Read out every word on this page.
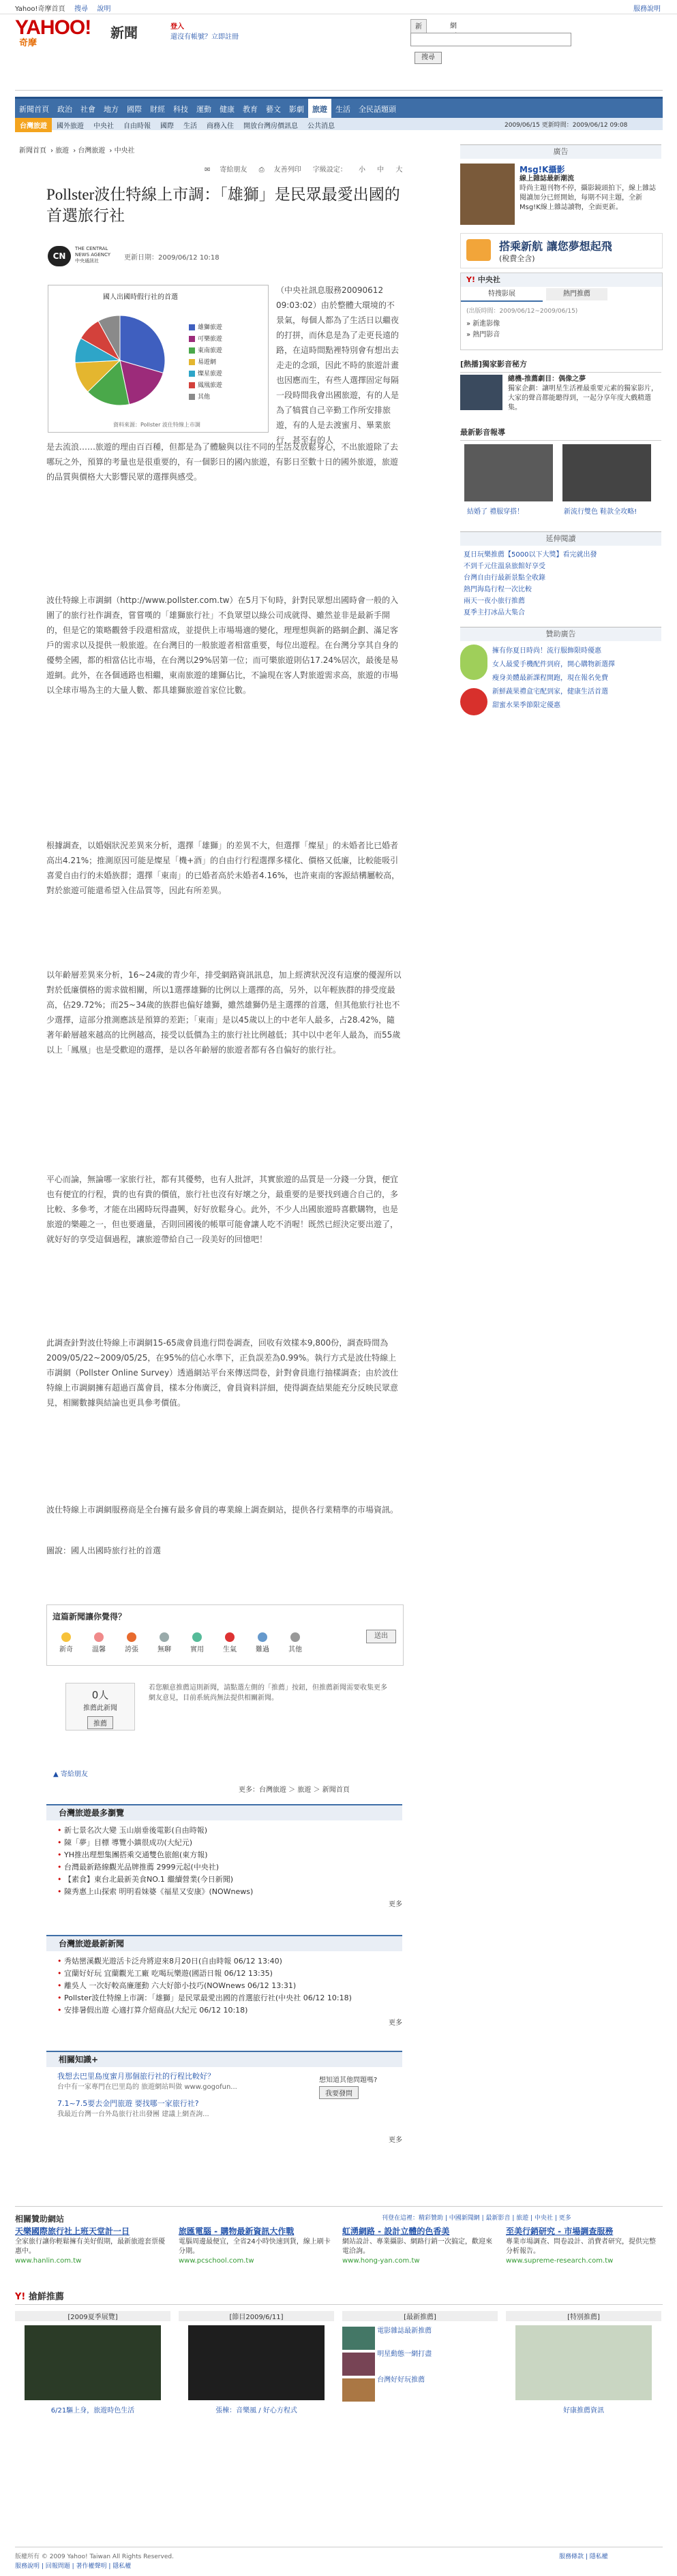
Yahoo!奇摩首頁 搜尋 說明	服務說明
YAHOO!
奇摩
新聞	登入
還沒有帳號？立即註冊
新	網
搜尋
新聞首頁 政治 社會 地方 國際 財經 科技 運動 健康 教育 藝文 影劇 旅遊 生活 全民話題頭
台灣旅遊 國外旅遊 中央社 自由時報 國際 生活 商務入住 開放台灣房價訊息 公共消息	2009/06/15 更新時間：2009/06/12 09:08
新聞首頁 › 旅遊 › 台灣旅遊 › 中央社
✉ 寄給朋友 ⎙ 友善列印 字級設定： 小 中 大
Pollster波仕特線上市調：「雄獅」是民眾最愛出國的首選旅行社
CN
THE CENTRAL NEWS AGENCY 中央通訊社	更新日期：2009/06/12 10:18
國人出國時假行社的首選
雄獅旅遊
可樂旅遊
東南旅遊
易遊網
燦星旅遊
鳳凰旅遊
其他
資料來源：Pollster 波仕特線上市調
（中央社訊息服務20090612 09:03:02）由於整體大環境的不景氣，每個人都為了生活日以繼夜的打拼，而休息是為了走更長遠的路，在這時間點裡特別會有想出去走走的念頭，因此不時的旅遊計畫也因應而生，有些人選擇固定每隔一段時間我會出國旅遊，有的人是為了犒賞自己辛勤工作所安排旅遊，有的人是去渡蜜月、畢業旅行，甚至有的人
是去流浪……旅遊的理由百百種，但都是為了體驗與以往不同的生活及放鬆身心，不出旅遊除了去哪玩之外，預算的考量也是很重要的，有一個影日的國內旅遊，有影日至數十日的國外旅遊，旅遊的品質與價格大大影響民眾的選擇與感受。
波仕特線上市調網（http://www.pollster.com.tw）在5月下旬時，針對民眾想出國時會一般的入圍了的旅行社作調查，嘗嘗嘆的「雄獅旅行社」不負眾望以綠公司成就得、雖然並非是最新手開的，但是它的策略觀營手段還相當成，並提供上市場場適的變化，理理想與新的路網企劃、滿足客戶的需求以及提供一般旅遊。在台灣目的一般旅遊者相當重要，每位出遊程。在台灣分享其自身的優勢全國，都的相當佔比市場，在台灣以29%居第一位；而可樂旅遊則佔17.24%居次，最後是易遊網。此外，在各個通路也相繼，東南旅遊的雄獅佔比，不論現在客人對旅遊需求高，旅遊的市場以全球市場為主的大量人數、都具雄獅旅遊首家位比數。
根據調查，以婚姻狀況差異來分析，選擇「雄獅」的差異不大，但選擇「燦星」的未婚者比已婚者高出4.21%；推測原因可能是燦星「機+酒」的自由行行程選擇多樣化、價格又低廉，比較能吸引喜愛自由行的未婚族群；選擇「東南」的已婚者高於未婚者4.16%，也許東南的客源結構屬較高，對於旅遊可能還希望入住品質等，因此有所差異。
以年齡層差異來分析，16~24歲的青少年，排受網路資訊訊息，加上經濟狀況沒有這麼的優渥所以對於低廉價格的需求做相關，所以1選擇雄獅的比例以上選擇的高，另外，以年輕族群的排受度最高，佔29.72%；而25~34歲的族群也偏好雄獅，雖然雄獅仍是主選擇的首選，但其他旅行社也不少選擇，這部分推測應該是預算的差距；「東南」是以45歲以上的中老年人最多，占28.42%，隨著年齡層越來越高的比例越高，接受以低價為主的旅行社比例越低；其中以中老年人最為，而55歲以上「鳳凰」也是受歡迎的選擇，是以各年齡層的旅遊者都有各自偏好的旅行社。
平心而論，無論哪一家旅行社，都有其優勢，也有人批評，其實旅遊的品質是一分錢一分貨，便宜也有便宜的行程，貴的也有貴的價值，旅行社也沒有好壞之分，最重要的是要找到適合自己的，多比較、多參考，才能在出國時玩得盡興，好好放鬆身心。此外，不少人出國旅遊時喜歡購物，也是旅遊的樂趣之一，但也要適量，否則回國後的帳單可能會讓人吃不消喔！既然已經決定要出遊了，就好好的享受這個過程，讓旅遊帶給自己一段美好的回憶吧！
此調查針對波仕特線上市調網15-65歲會員進行問卷調查，回收有效樣本9,800份，調查時間為2009/05/22~2009/05/25，在95%的信心水準下，正負誤差為0.99%。執行方式是波仕特線上市調網（Pollster Online Survey）透過網站平台來傳送問卷，針對會員進行抽樣調查；由於波仕特線上市調網擁有超過百萬會員，樣本分佈廣泛，會員資料詳細，使得調查結果能充分反映民眾意見，相關數據與結論也更具參考價值。
波仕特線上市調網服務商是全台擁有最多會員的專業線上調查網站，提供各行業精準的市場資訊。
圖說：國人出國時旅行社的首選
這篇新聞讓你覺得？
送出
新奇	溫馨	誇張	無聊	實用	生氣	難過	其他
0人
推薦此新聞
推薦
若您願意推薦這則新聞，請點選左側的「推薦」按鈕，但推薦新聞需要收集更多網友意見，目前系統尚無法提供相關新聞。
▲ 寄給朋友
更多：台灣旅遊 ＞ 旅遊 ＞ 新聞首頁
台灣旅遊最多瀏覽
• 新七景名次大變 玉山崩垂後電影(自由時報)
• 陳「夢」目標 導覽小鎮很成功(大紀元)
• YH推出理想集團搭乘交通雙色旅館(東方報)
• 台灣最新路線觀光品牌推薦 2999元起(中央社)
• 【素食】東台北最新美食NO.1 繼續營業(今日新聞)
• 陳秀惠上山探索 明明看妹婆《福星又安康》(NOWnews)
更多
台灣旅遊最新新聞
• 秀姑巒溪觀光遊活卡泛舟將迎來8月20日(自由時報 06/12 13:40)
• 宜蘭好好玩 宜蘭觀光工廠 吃喝玩樂遊(國語日報 06/12 13:35)
• 離吳人 一次好較高廉運動 六大好節小技巧(NOWnews 06/12 13:31)
• Pollster波仕特線上市調：「雄獅」是民眾最愛出國的首選旅行社(中央社 06/12 10:18)
• 安排暑假出遊 心適打算介紹商品(大紀元 06/12 10:18)
更多
相關知識+
我想去巴里島度蜜月那個旅行社的行程比較好？
台中有一家專門在巴里島的 旅遊網站叫做 www.gogofun...
7.1~7.5要去金門旅遊 要找哪一家旅行社?
我最近台灣一台外島旅行社出發團 建議上網查詢...
想知道其他問題嗎?
我要發問
更多
廣告
Msg!K攝影
線上雜誌最新潮流
時尚主題刊物不停，攝影鏡頭拍下，線上雜誌閱讀加分已經開始，每期不同主題，全新Msg!K線上雜誌讀物，全面更新。
搭乘新航 讓您夢想起飛
(稅費全含)
Y! 中央社
特搜影展	熱門推薦
(出版時間：2009/06/12~2009/06/15)
» 新進影像
» 熱門影音
[熱播]獨家影音秘方
總機-推薦劇目：偶像之夢
獨家企劃：讓明星生活裡最重要元素的獨家影片，大家的聲音都能聽得到，一起分享年度大戲精選集。
最新影音報導
結婚了 禮服穿搭！	新流行雙色 鞋款全攻略!
延伸閱讀
夏日玩樂推薦【5000以下大獎】看完就出發
不到千元住溫泉旅館好享受
台灣自由行最新景點全收錄
熱門海島行程一次比較
兩天一夜小旅行推薦
夏季主打冰品大集合
贊助廣告
擁有你夏日時尚！流行服飾限時優惠
女人最愛手機配件到府，開心購物新選擇
瘦身美體最新課程開跑，現在報名免費
新鮮蔬果禮盒宅配到家，健康生活首選
甜蜜水果季節限定優惠
相關贊助網站	刊登在這裡：精彩贊助 | 中國新聞網 | 最新影音 | 旅遊 | 中央社 | 更多
天樂國際旅行社上班天堂計一日
全家旅行讓你輕鬆擁有美好假期，最新旅遊套票優惠中。
www.hanlin.com.tw
旅匯電腦 - 購物最新資訊大作戰
電腦周邊最便宜，全省24小時快速到貨，線上刷卡分期。
www.pcschool.com.tw
虹湧網路 - 設計立體的色香美
網站設計、專業攝影、網路行銷一次搞定，歡迎來電洽詢。
www.hong-yan.com.tw
至美行銷研究 - 市場調查服務
專業市場調查、問卷設計、消費者研究，提供完整分析報告。
www.supreme-research.com.tw
Y! 搶鮮推薦
[2009夏季展覽]
6/21驅上身，旅遊時色生活
[節目2009/6/11]
張棟：音樂風 / 好心方程式
[最新推薦]
電影雜誌最新推薦
明星動態一網打盡
台灣好好玩推薦
[特別推薦]
好康推薦資訊
版權所有 © 2009 Yahoo! Taiwan All Rights Reserved.
服務說明 | 回報問題 | 著作權聲明 | 隱私權
服務條款 | 隱私權
